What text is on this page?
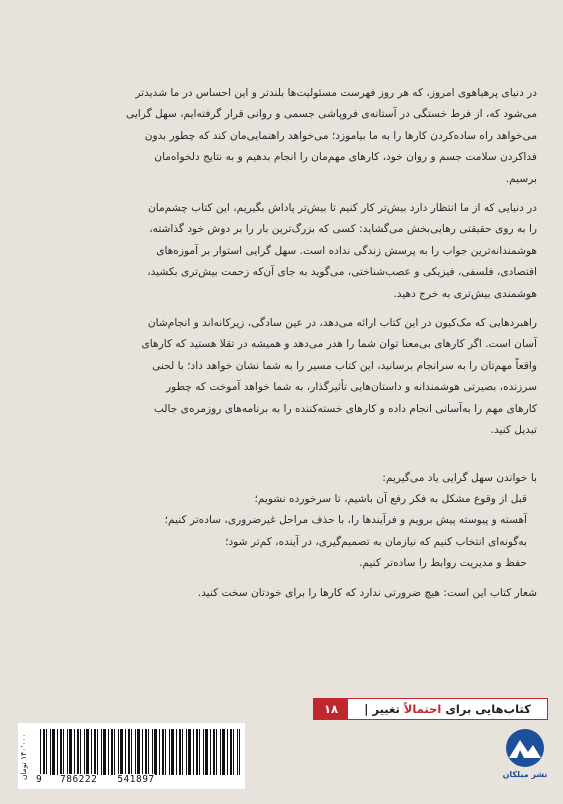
در دنیای پرهیاهوی امروز، که هر روز فهرست مسئولیت‌ها بلندتر و این احساس در ما شدیدتر
می‌شود که، از فرط خستگی در آستانه‌ی فروپاشی جسمی و روانی قرار گرفته‌ایم، سهل گرایی
می‌خواهد راه ساده‌کردن کارها را به ما بیاموزد؛ می‌خواهد راهنمایی‌مان کند که چطور بدون
فداکردن سلامت جسم و روان خود، کارهای مهم‌مان را انجام بدهیم و به نتایج دلخواه‌مان
برسیم.
در دنیایی که از ما انتظار دارد بیش‌تر کار کنیم تا بیش‌تر پاداش بگیریم، این کتاب چشم‌مان
را به روی حقیقتی رهایی‌بخش می‌گشاید: کسی که بزرگ‌ترین بار را بر دوش خود گذاشته،
هوشمندانه‌ترین جواب را به پرسش زندگی نداده است. سهل گرایی استوار بر آموزه‌های
اقتصادی، فلسفی، فیزیکی و عصب‌شناختی، می‌گوید به جای آن‌که زحمت بیش‌تری بکشید،
هوشمندی بیش‌تری به خرج دهید.
راهبردهایی که مک‌کیون در این کتاب ارائه می‌دهد، در عین سادگی، زیرکانه‌اند و انجام‌شان
آسان است. اگر کارهای بی‌معنا توان شما را هدر می‌دهد و همیشه در تقلا هستید که کارهای
واقعاً مهم‌تان را به سرانجام برسانید، این کتاب مسیر را به شما نشان خواهد داد؛ با لحنی
سرزنده، بصیرتی هوشمندانه و داستان‌هایی تأثیرگذار، به شما خواهد آموخت که چطور
کارهای مهم را به‌آسانی انجام داده و کارهای خسته‌کننده را به برنامه‌های روزمره‌ی جالب
تبدیل کنید.
با خواندن سهل گرایی یاد می‌گیریم:
قبل از وقوع مشکل به فکر رفع آن باشیم، تا سرخورده نشویم؛
آهسته و پیوسته پیش برویم و فرآیندها را، با حذف مراحل غیرضروری، ساده‌تر کنیم؛
به‌گونه‌ای انتخاب کنیم که نیازمان به تصمیم‌گیری، در آینده، کم‌تر شود؛
حفظ و مدیریت روابط را ساده‌تر کنیم.
شعار کتاب این است: هیچ ضرورتی ندارد که کارها را برای خودتان سخت کنید.
کتاب‌هایی برای
احتمالاً
تغییر
|
۱۸
۱۴۰٬۰۰۰ تومان
9	786222 541897	نشر میلکان
